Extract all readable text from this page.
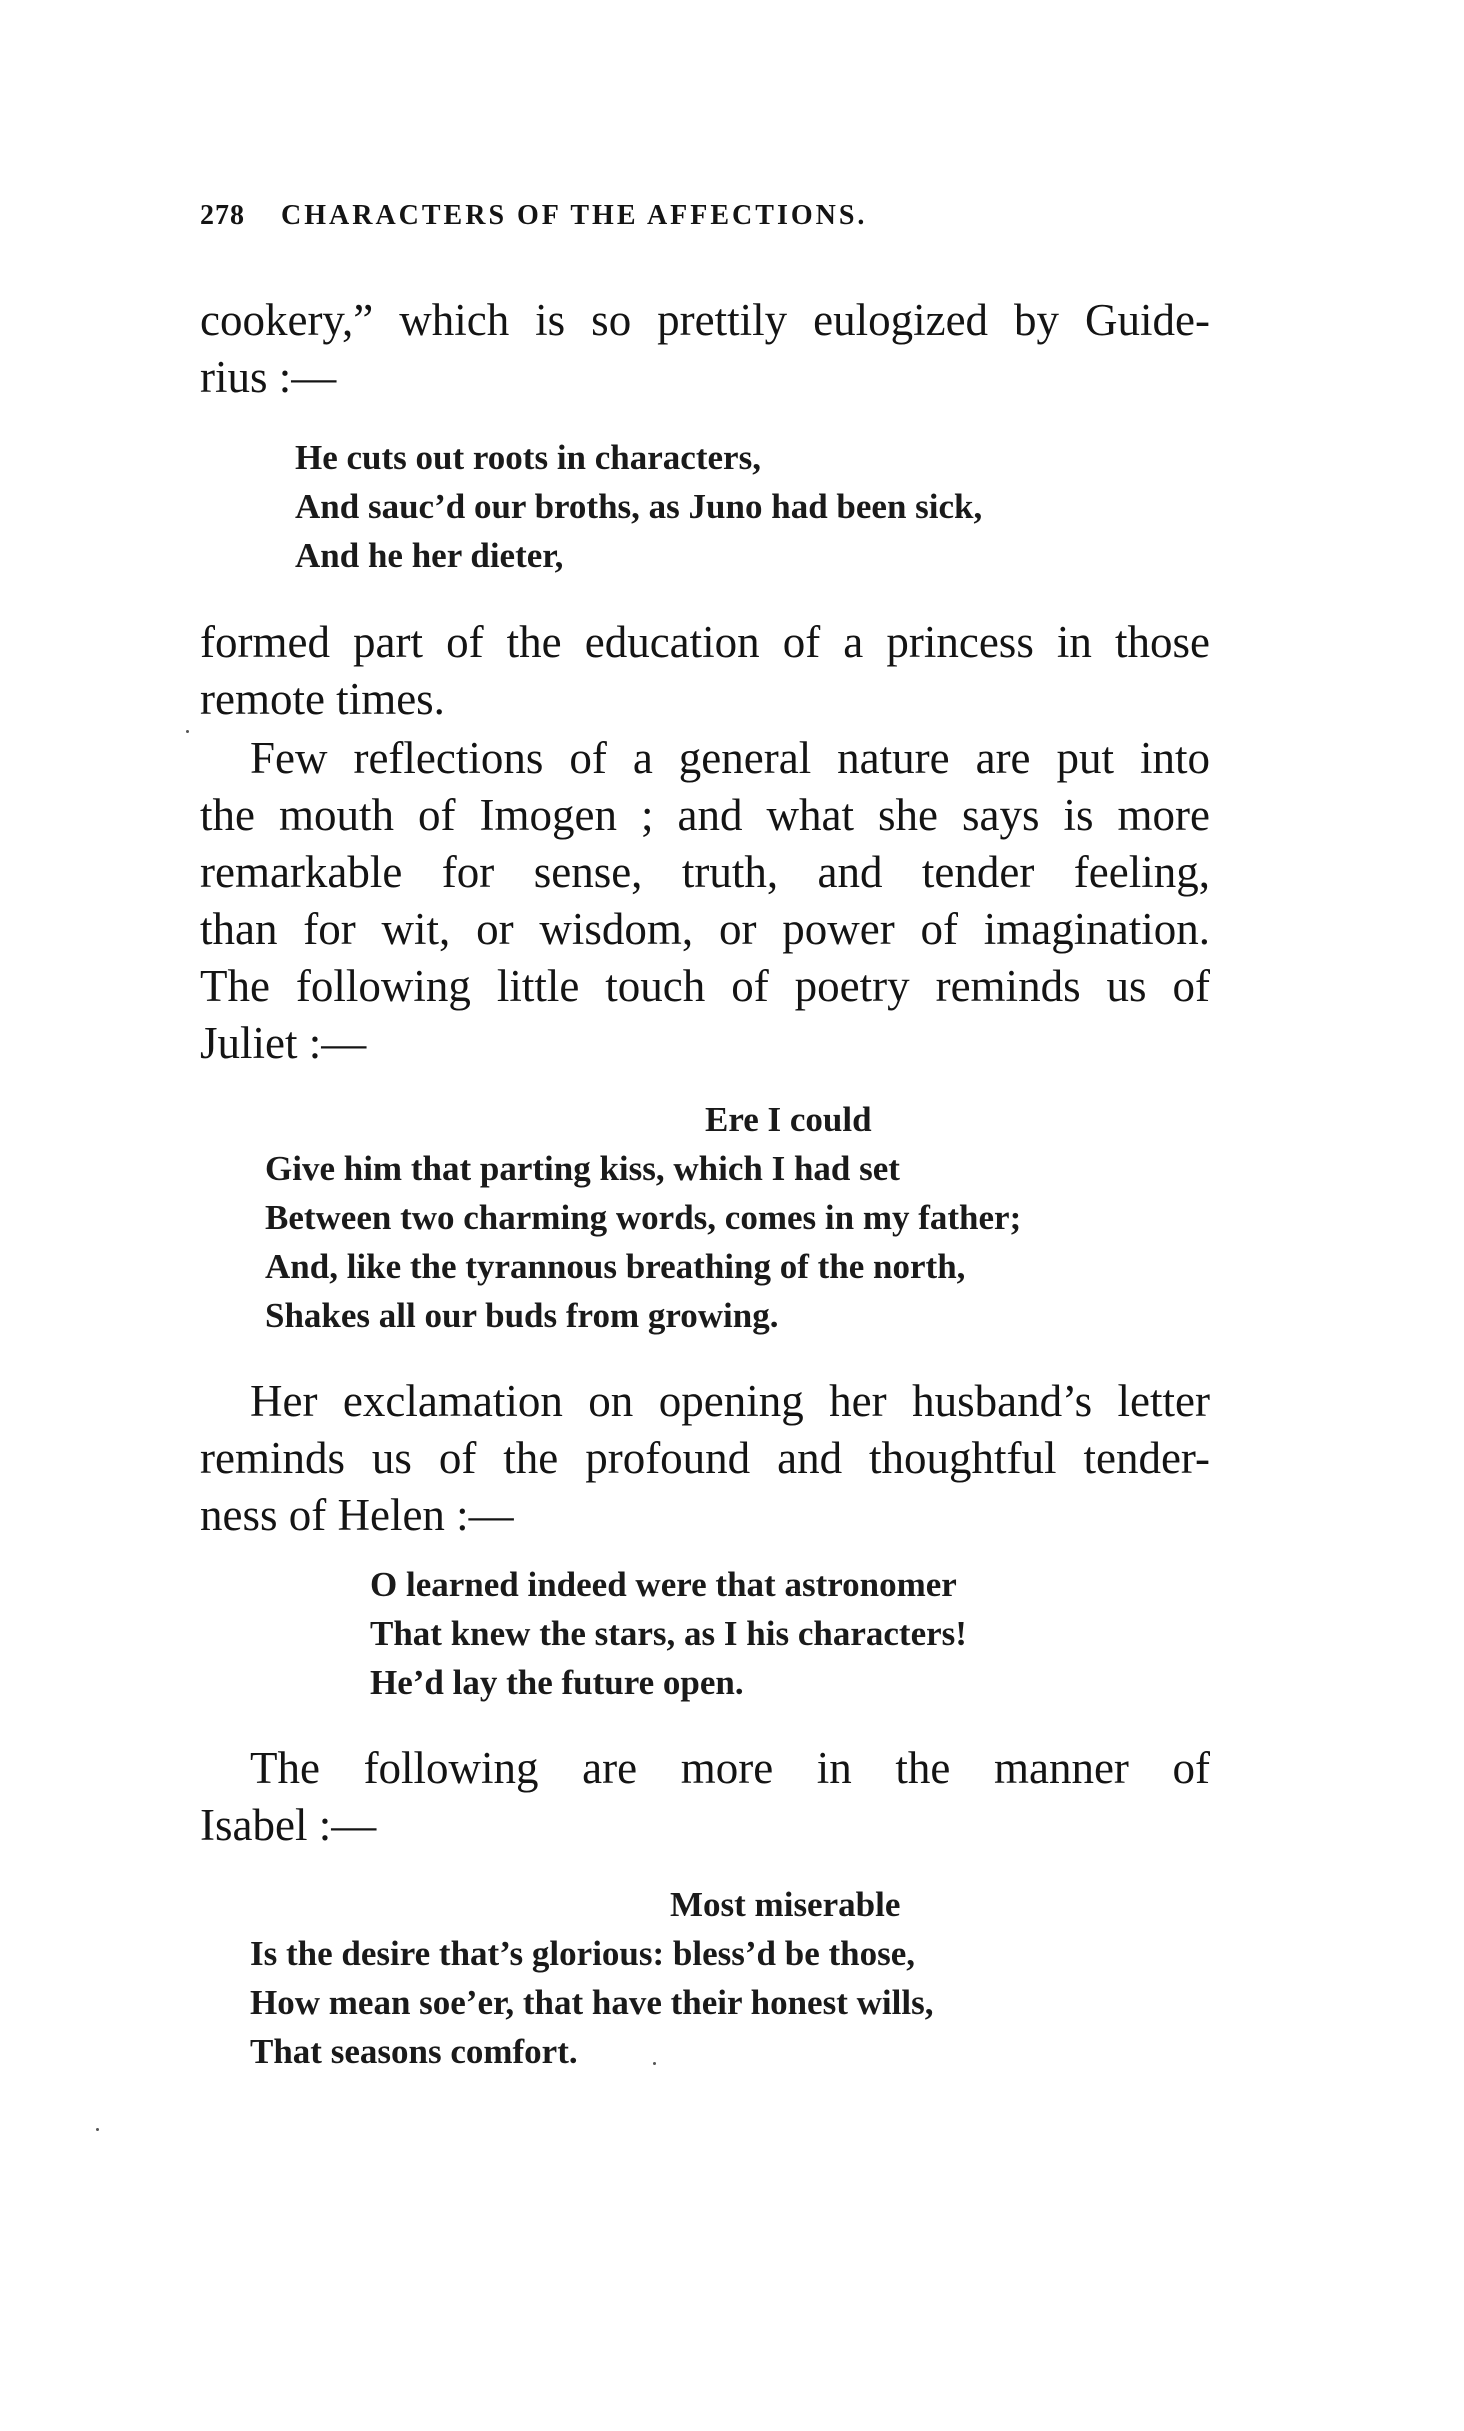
278 CHARACTERS OF THE AFFECTIONS.
cookery,” which is so prettily eulogized by Guide-
rius :—
He cuts out roots in characters,
And sauc’d our broths, as Juno had been sick,
And he her dieter,
formed part of the education of a princess in those
remote times.
Few reflections of a general nature are put into
the mouth of Imogen ; and what she says is more
remarkable for sense, truth, and tender feeling,
than for wit, or wisdom, or power of imagination.
The following little touch of poetry reminds us of
Juliet :—
Ere I could
Give him that parting kiss, which I had set
Between two charming words, comes in my father;
And, like the tyrannous breathing of the north,
Shakes all our buds from growing.
Her exclamation on opening her husband’s letter
reminds us of the profound and thoughtful tender-
ness of Helen :—
O learned indeed were that astronomer
That knew the stars, as I his characters!
He’d lay the future open.
The following are more in the manner of
Isabel :—
Most miserable
Is the desire that’s glorious: bless’d be those,
How mean soe’er, that have their honest wills,
That seasons comfort.
